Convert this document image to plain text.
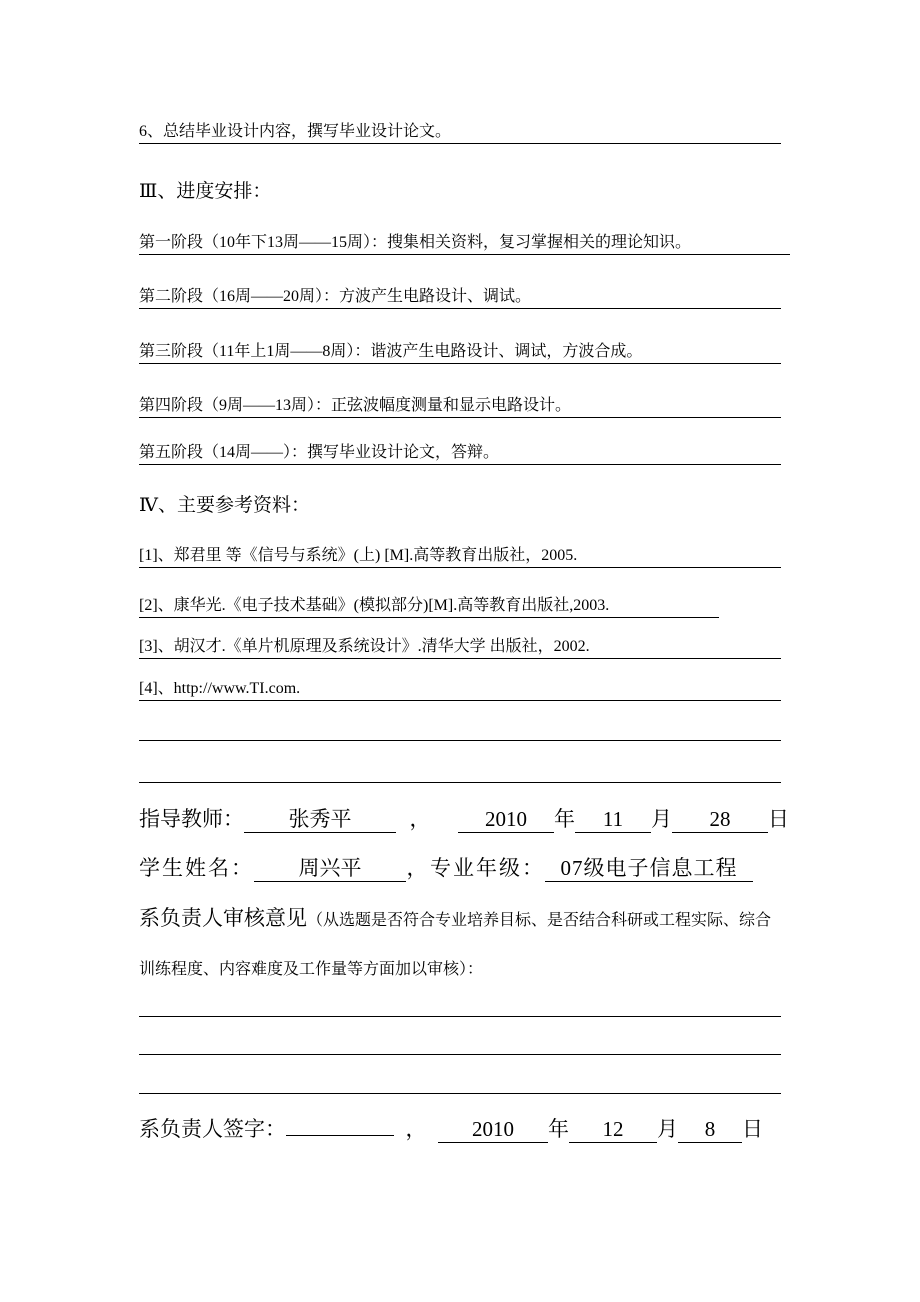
6、总结毕业设计内容，撰写毕业设计论文。
Ⅲ、进度安排：
第一阶段（10年下13周——15周）：搜集相关资料，复习掌握相关的理论知识。
第二阶段（16周——20周）：方波产生电路设计、调试。
第三阶段（11年上1周——8周）：谐波产生电路设计、调试，方波合成。
第四阶段（9周——13周）：正弦波幅度测量和显示电路设计。
第五阶段（14周——）：撰写毕业设计论文，答辩。
Ⅳ、主要参考资料：
[1]、郑君里 等《信号与系统》(上) [M].高等教育出版社，2005.
[2]、康华光.《电子技术基础》(模拟部分)[M].高等教育出版社,2003.
[3]、胡汉才.《单片机原理及系统设计》.清华大学 出版社，2002.
[4]、http://www.TI.com.
指导教师： 张秀平	，	2010 年 11 月 28 日
学生姓名： 周兴平 ，专业年级： 07级电子信息工程
系负责人审核意见（从选题是否符合专业培养目标、是否结合科研或工程实际、综合
训练程度、内容难度及工作量等方面加以审核）：
系负责人签字：	， 2010 年 12 月 8 日
